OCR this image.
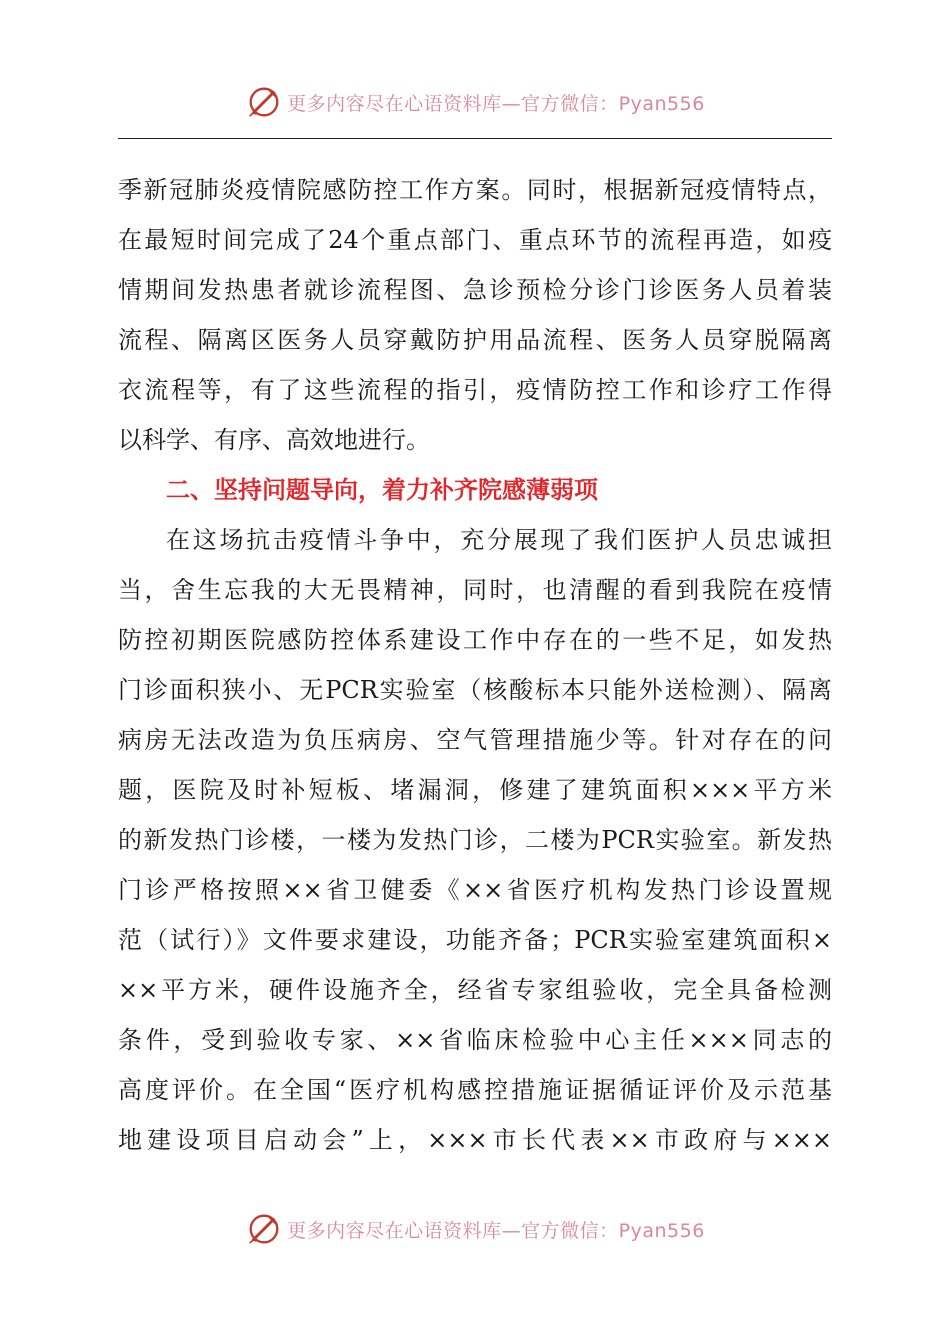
更多内容尽在心语资料库—官方微信：Pyan556
季新冠肺炎疫情院感防控工作方案。同时，根据新冠疫情特点，
在最短时间完成了24个重点部门、重点环节的流程再造，如疫
情期间发热患者就诊流程图、急诊预检分诊门诊医务人员着装
流程、隔离区医务人员穿戴防护用品流程、医务人员穿脱隔离
衣流程等，有了这些流程的指引，疫情防控工作和诊疗工作得
以科学、有序、高效地进行。
二、坚持问题导向，着力补齐院感薄弱项
在这场抗击疫情斗争中，充分展现了我们医护人员忠诚担
当，舍生忘我的大无畏精神，同时，也清醒的看到我院在疫情
防控初期医院感防控体系建设工作中存在的一些不足，如发热
门诊面积狭小、无PCR实验室（核酸标本只能外送检测）、隔离
病房无法改造为负压病房、空气管理措施少等。针对存在的问
题，医院及时补短板、堵漏洞，修建了建筑面积×××平方米
的新发热门诊楼，一楼为发热门诊，二楼为PCR实验室。新发热
门诊严格按照××省卫健委《××省医疗机构发热门诊设置规
范（试行）》文件要求建设，功能齐备；PCR实验室建筑面积×
××平方米，硬件设施齐全，经省专家组验收，完全具备检测
条件，受到验收专家、××省临床检验中心主任×××同志的
高度评价。在全国“医疗机构感控措施证据循证评价及示范基
地建设项目启动会”上，×××市长代表××市政府与×××
更多内容尽在心语资料库—官方微信：Pyan556
